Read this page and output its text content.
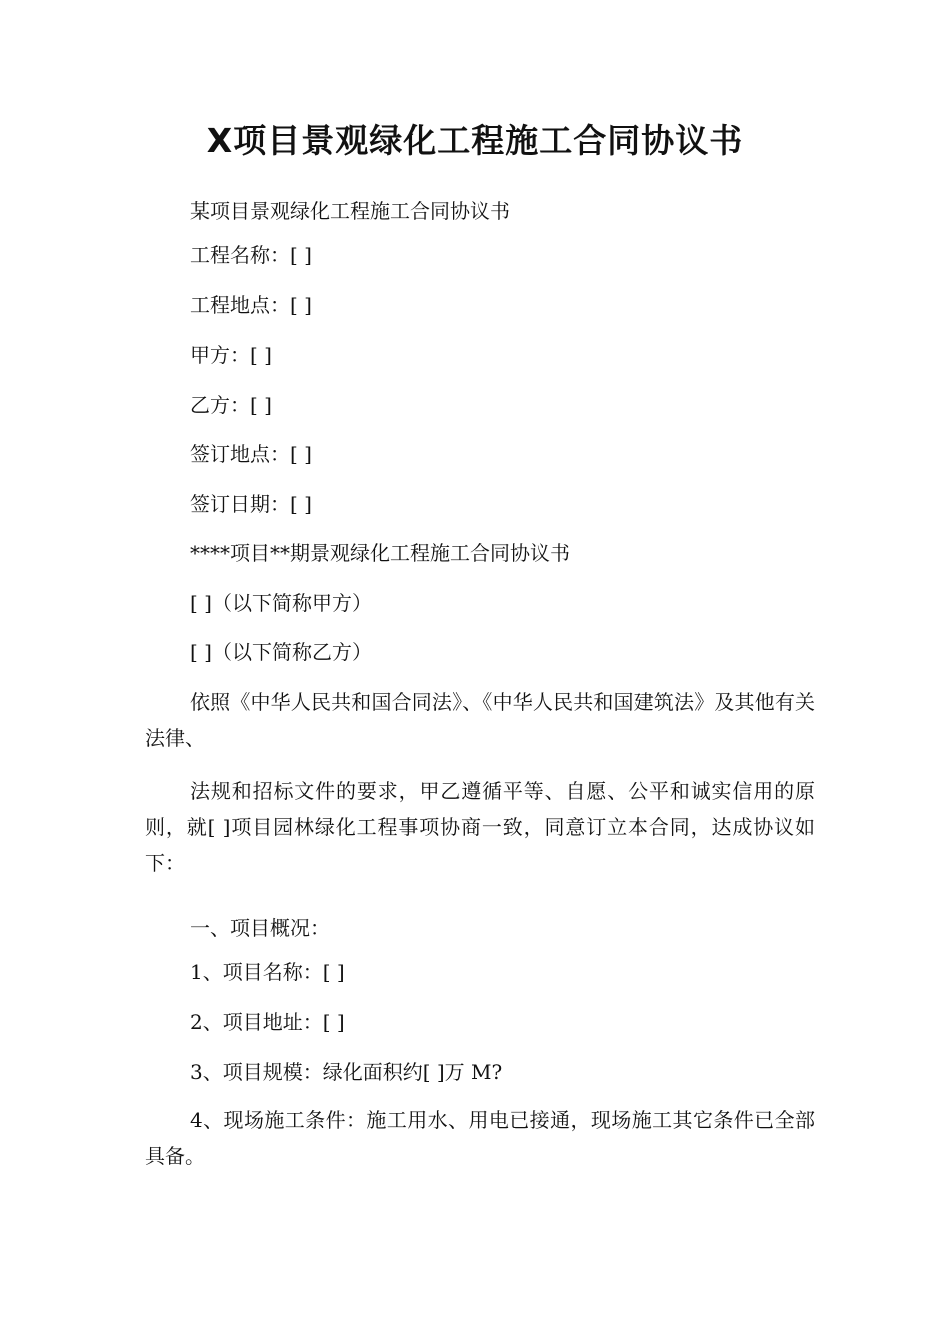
X项目景观绿化工程施工合同协议书

某项目景观绿化工程施工合同协议书

工程名称：[ ]

工程地点：[ ]

甲方：[ ]

乙方：[ ]

签订地点：[ ]

签订日期：[ ]

****项目**期景观绿化工程施工合同协议书

[ ]（以下简称甲方）

[ ]（以下简称乙方）

依照《中华人民共和国合同法》、《中华人民共和国建筑法》及其他有关法律、

法规和招标文件的要求，甲乙遵循平等、自愿、公平和诚实信用的原则，就[ ]项目园林绿化工程事项协商一致，同意订立本合同，达成协议如下：

一、项目概况：

1、项目名称：[ ]

2、项目地址：[ ]

3、项目规模：绿化面积约[ ]万 M?

4、现场施工条件：施工用水、用电已接通，现场施工其它条件已全部具备。
